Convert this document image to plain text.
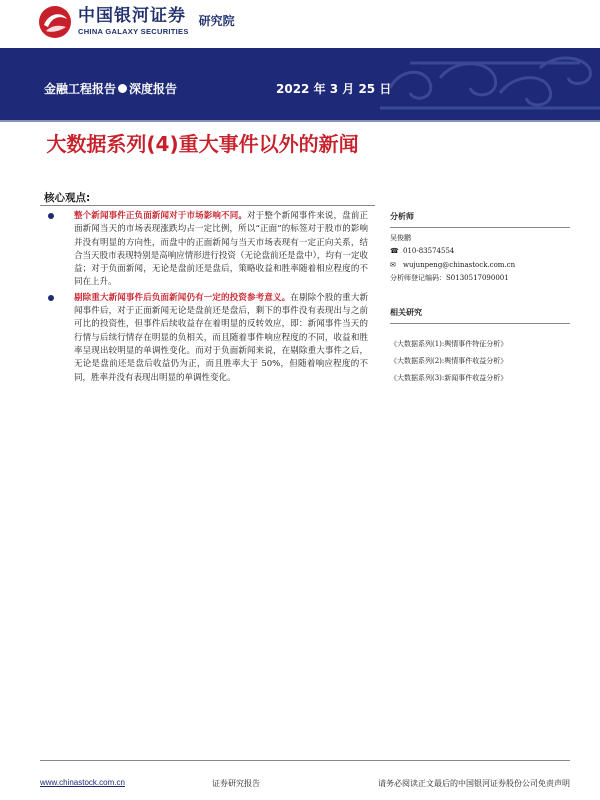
中国银河证券
CHINA GALAXY SECURITIES
研究院
金融工程报告 深度报告	2022 年 3 月 25 日
大数据系列(4)重大事件以外的新闻
核心观点:
整个新闻事件正负面新闻对于市场影响不同。对于整个新闻事件来说，盘前正面新闻当天的市场表现涨跌均占一定比例，所以“正面”的标签对于股市的影响并没有明显的方向性，而盘中的正面新闻与当天市场表现有一定正向关系，结合当天股市表现特别是高响应情形进行投资（无论盘前还是盘中），均有一定收益；对于负面新闻，无论是盘前还是盘后，策略收益和胜率随着相应程度的不同在上升。
剔除重大新闻事件后负面新闻仍有一定的投资参考意义。在剔除个股的重大新闻事件后，对于正面新闻无论是盘前还是盘后，剩下的事件没有表现出与之前可比的投资性，但事件后续收益存在着明显的反转效应，即：新闻事件当天的行情与后续行情存在明显的负相关，而且随着事件响应程度的不同，收益和胜率呈现出较明显的单调性变化。而对于负面新闻来说，在剔除重大事件之后，无论是盘前还是盘后收益仍为正，而且胜率大于 50%，但随着响应程度的不同，胜率并没有表现出明显的单调性变化。
分析师
吴俊鹏
☎ 010-83574554
✉	wujunpeng@chinastock.com.cn
分析师登记编码： S0130517090001
相关研究
《大数据系列(1):舆情事件特征分析》
《大数据系列(2):舆情事件收益分析》
《大数据系列(3):新闻事件收益分析》
www.chinastock.com.cn	证券研究报告	请务必阅读正文最后的中国银河证券股份公司免责声明
